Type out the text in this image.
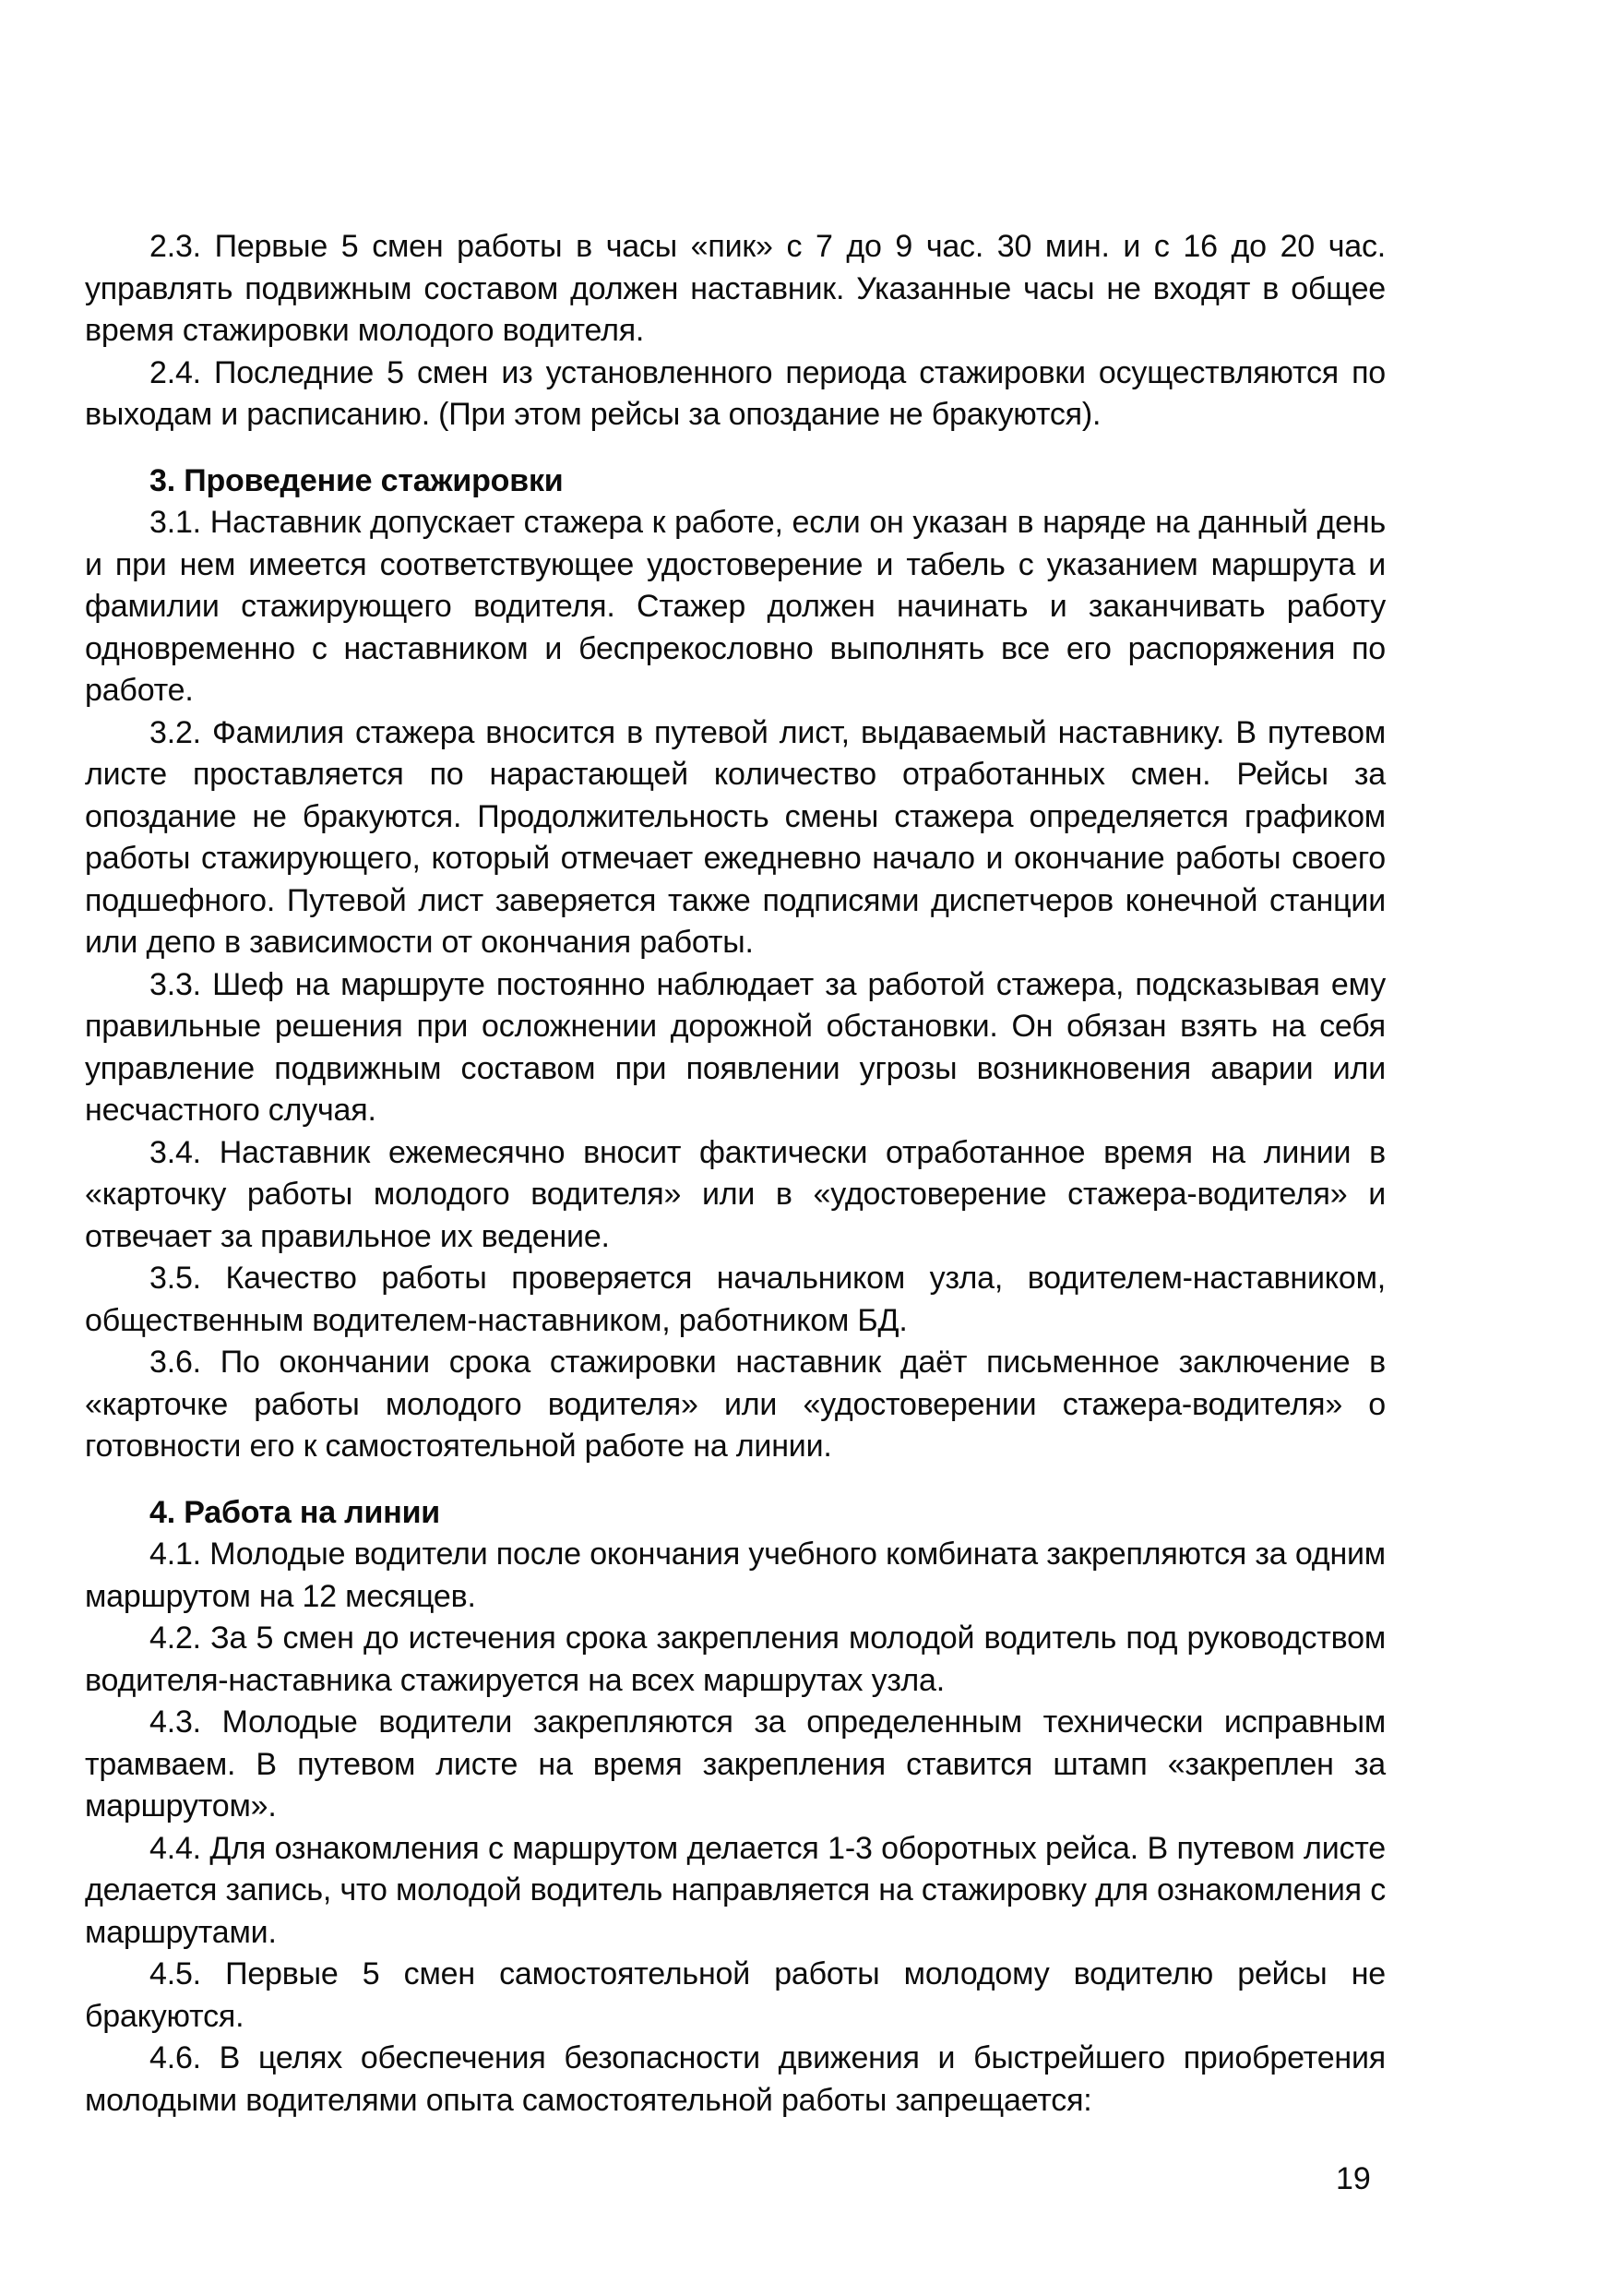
2.3. Первые 5 смен работы в часы «пик» с 7 до 9 час. 30 мин. и с 16 до 20 час. управлять подвижным составом должен наставник. Указанные часы не входят в общее время стажировки молодого водителя.

2.4. Последние 5 смен из установленного периода стажировки осуществляются по выходам и расписанию. (При этом рейсы за опоздание не бракуются).

3. Проведение стажировки

3.1. Наставник допускает стажера к работе, если он указан в наряде на данный день и при нем имеется соответствующее удостоверение и табель с указанием маршрута и фамилии стажирующего водителя. Стажер должен начинать и заканчивать работу одновременно с наставником и беспрекословно выполнять все его распоряжения по работе.

3.2. Фамилия стажера вносится в путевой лист, выдаваемый наставнику. В путевом листе проставляется по нарастающей количество отработанных смен. Рейсы за опоздание не бракуются. Продолжительность смены стажера определяется графиком работы стажирующего, который отмечает ежедневно начало и окончание работы своего подшефного. Путевой лист заверяется также подписями диспетчеров конечной станции или депо в зависимости от окончания работы.

3.3. Шеф на маршруте постоянно наблюдает за работой стажера, подсказывая ему правильные решения при осложнении дорожной обстановки. Он обязан взять на себя управление подвижным составом при появлении угрозы возникновения аварии или несчастного случая.

3.4. Наставник ежемесячно вносит фактически отработанное время на линии в «карточку работы молодого водителя» или в «удостоверение стажера-водителя» и отвечает за правильное их ведение.

3.5. Качество работы проверяется начальником узла, водителем-наставником, общественным водителем-наставником, работником БД.

3.6. По окончании срока стажировки наставник даёт письменное заключение в «карточке работы молодого водителя» или «удостоверении стажера-водителя» о готовности его к самостоятельной работе на линии.

4. Работа на линии

4.1. Молодые водители после окончания учебного комбината закрепляются за одним маршрутом на 12 месяцев.

4.2. За 5 смен до истечения срока закрепления молодой водитель под руководством водителя-наставника стажируется на всех маршрутах узла.

4.3. Молодые водители закрепляются за определенным технически исправным трамваем. В путевом листе на время закрепления ставится штамп «закреплен за маршрутом».

4.4. Для ознакомления с маршрутом делается 1-3 оборотных рейса. В путевом листе делается запись, что молодой водитель направляется на стажировку для ознакомления с маршрутами.

4.5. Первые 5 смен самостоятельной работы молодому водителю рейсы не бракуются.

4.6. В целях обеспечения безопасности движения и быстрейшего приобретения молодыми водителями опыта самостоятельной работы запрещается:

19
